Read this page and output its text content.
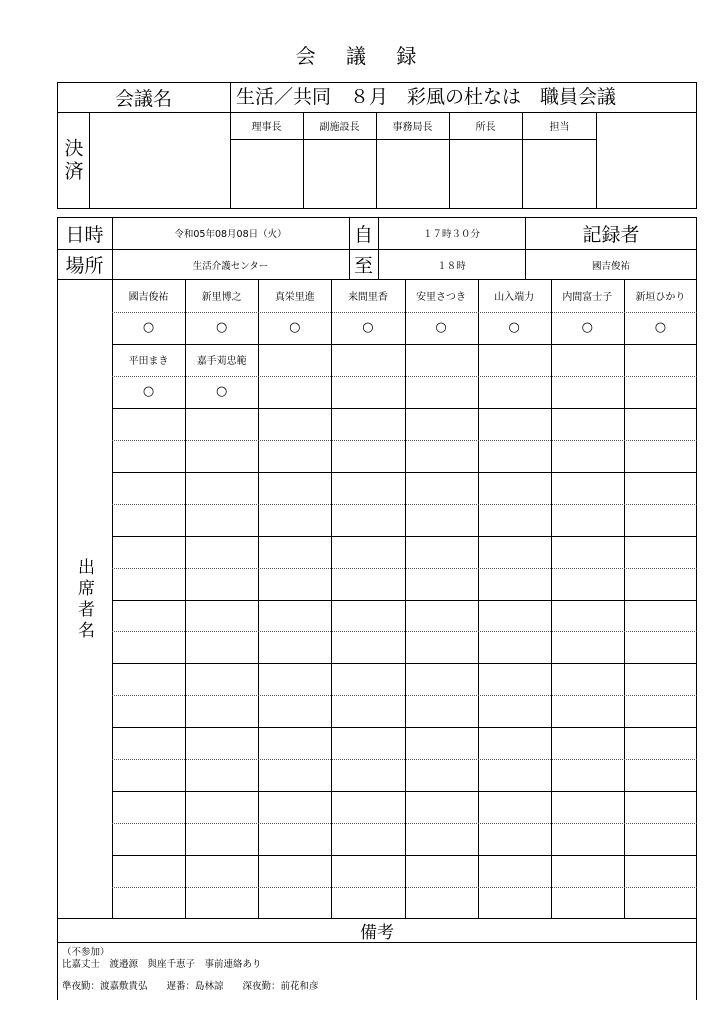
会 議 録
会議名	生活／共同　８月　彩風の杜なは　職員会議
決済
理事長	副施設長	事務局長	所長	担当
日時	令和05年08月08日（火）	自	１７時３０分	記録者
場所	生活介護センター	至	１８時	國吉俊祐
出席者名
國吉俊祐	新里博之	真栄里進	来間里香	安里さつき	山入端力	内間富士子	新垣ひかり
○	○	○	○	○	○	○	○
平田まき	嘉手苅忠範
○	○
備考
（不参加）
比嘉丈士　渡邉源　與座千恵子　事前連絡あり
準夜勤：渡嘉敷貴弘　　遅番：島林諒　　深夜勤：前花和彦
